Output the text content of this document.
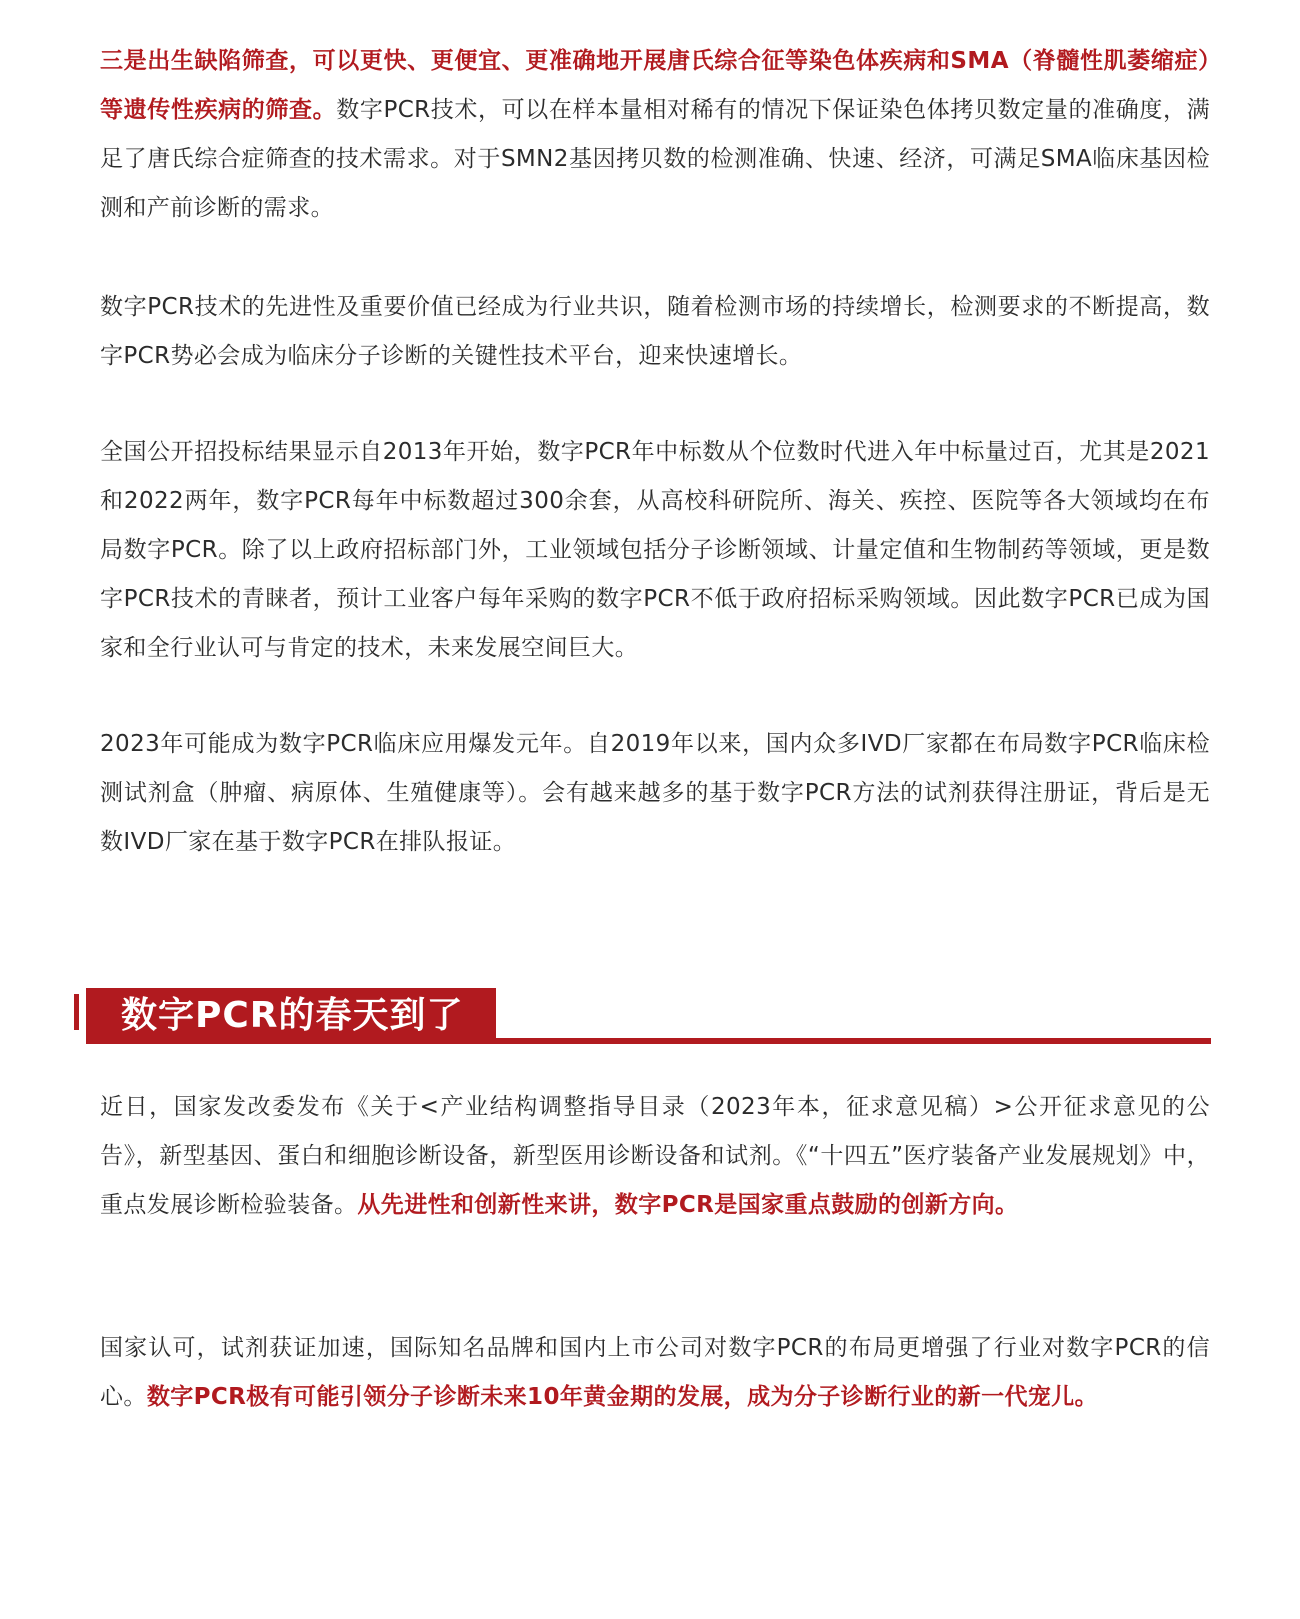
三是出生缺陷筛查，可以更快、更便宜、更准确地开展唐氏综合征等染色体疾病和SMA（脊髓性肌萎缩症）等遗传性疾病的筛查。数字PCR技术，可以在样本量相对稀有的情况下保证染色体拷贝数定量的准确度，满足了唐氏综合症筛查的技术需求。对于SMN2基因拷贝数的检测准确、快速、经济，可满足SMA临床基因检测和产前诊断的需求。

数字PCR技术的先进性及重要价值已经成为行业共识，随着检测市场的持续增长，检测要求的不断提高，数字PCR势必会成为临床分子诊断的关键性技术平台，迎来快速增长。

全国公开招投标结果显示自2013年开始，数字PCR年中标数从个位数时代进入年中标量过百，尤其是2021和2022两年，数字PCR每年中标数超过300余套，从高校科研院所、海关、疾控、医院等各大领域均在布局数字PCR。除了以上政府招标部门外，工业领域包括分子诊断领域、计量定值和生物制药等领域，更是数字PCR技术的青睐者，预计工业客户每年采购的数字PCR不低于政府招标采购领域。因此数字PCR已成为国家和全行业认可与肯定的技术，未来发展空间巨大。

2023年可能成为数字PCR临床应用爆发元年。自2019年以来，国内众多IVD厂家都在布局数字PCR临床检测试剂盒（肿瘤、病原体、生殖健康等）。会有越来越多的基于数字PCR方法的试剂获得注册证，背后是无数IVD厂家在基于数字PCR在排队报证。

近日，国家发改委发布《关于<产业结构调整指导目录（2023年本，征求意见稿）>公开征求意见的公告》，新型基因、蛋白和细胞诊断设备，新型医用诊断设备和试剂。《“十四五”医疗装备产业发展规划》中，重点发展诊断检验装备。从先进性和创新性来讲，数字PCR是国家重点鼓励的创新方向。

国家认可，试剂获证加速，国际知名品牌和国内上市公司对数字PCR的布局更增强了行业对数字PCR的信心。数字PCR极有可能引领分子诊断未来10年黄金期的发展，成为分子诊断行业的新一代宠儿。

数字PCR的春天到了
